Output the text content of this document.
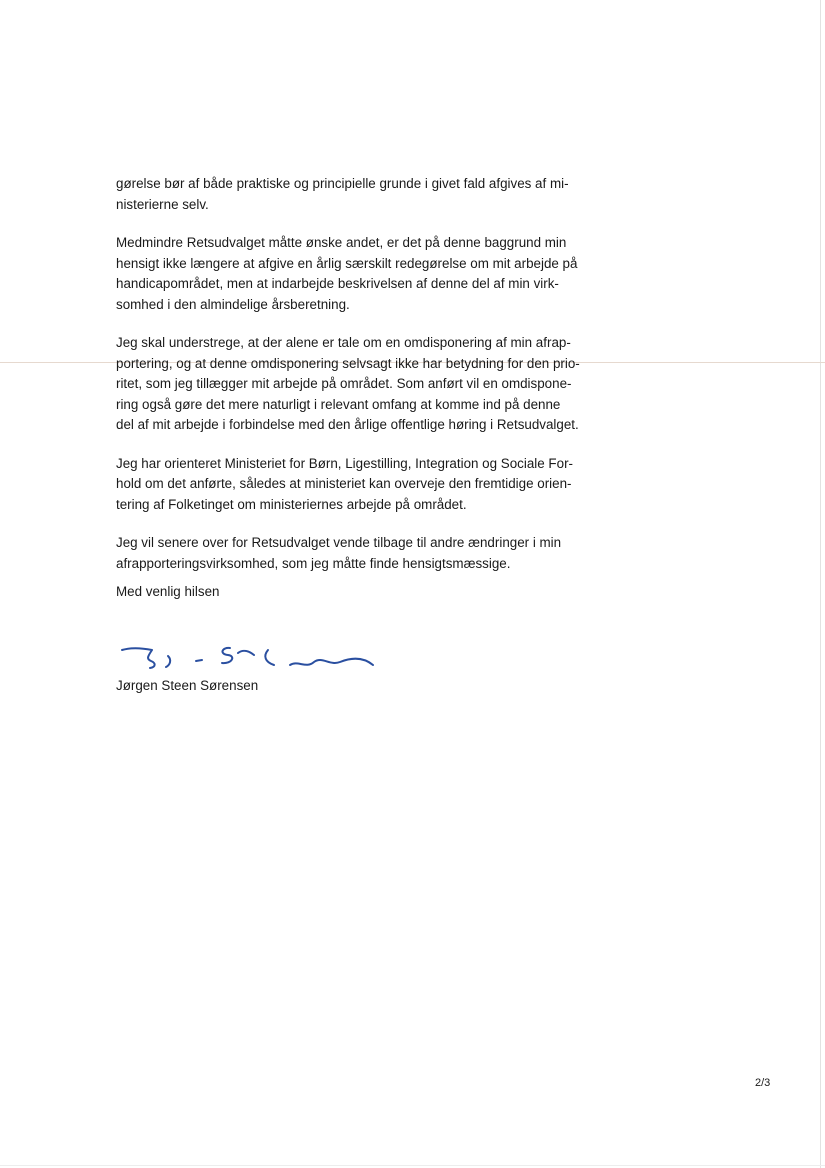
gørelse bør af både praktiske og principielle grunde i givet fald afgives af mi-
nisterierne selv.

Medmindre Retsudvalget måtte ønske andet, er det på denne baggrund min
hensigt ikke længere at afgive en årlig særskilt redegørelse om mit arbejde på
handicapområdet, men at indarbejde beskrivelsen af denne del af min virk-
somhed i den almindelige årsberetning.

Jeg skal understrege, at der alene er tale om en omdisponering af min afrap-
portering, og at denne omdisponering selvsagt ikke har betydning for den prio-
ritet, som jeg tillægger mit arbejde på området. Som anført vil en omdispone-
ring også gøre det mere naturligt i relevant omfang at komme ind på denne
del af mit arbejde i forbindelse med den årlige offentlige høring i Retsudvalget.

Jeg har orienteret Ministeriet for Børn, Ligestilling, Integration og Sociale For-
hold om det anførte, således at ministeriet kan overveje den fremtidige orien-
tering af Folketinget om ministeriernes arbejde på området.

Jeg vil senere over for Retsudvalget vende tilbage til andre ændringer i min
afrapporteringsvirksomhed, som jeg måtte finde hensigtsmæssige.

Med venlig hilsen
Jørgen Steen Sørensen
2/3
